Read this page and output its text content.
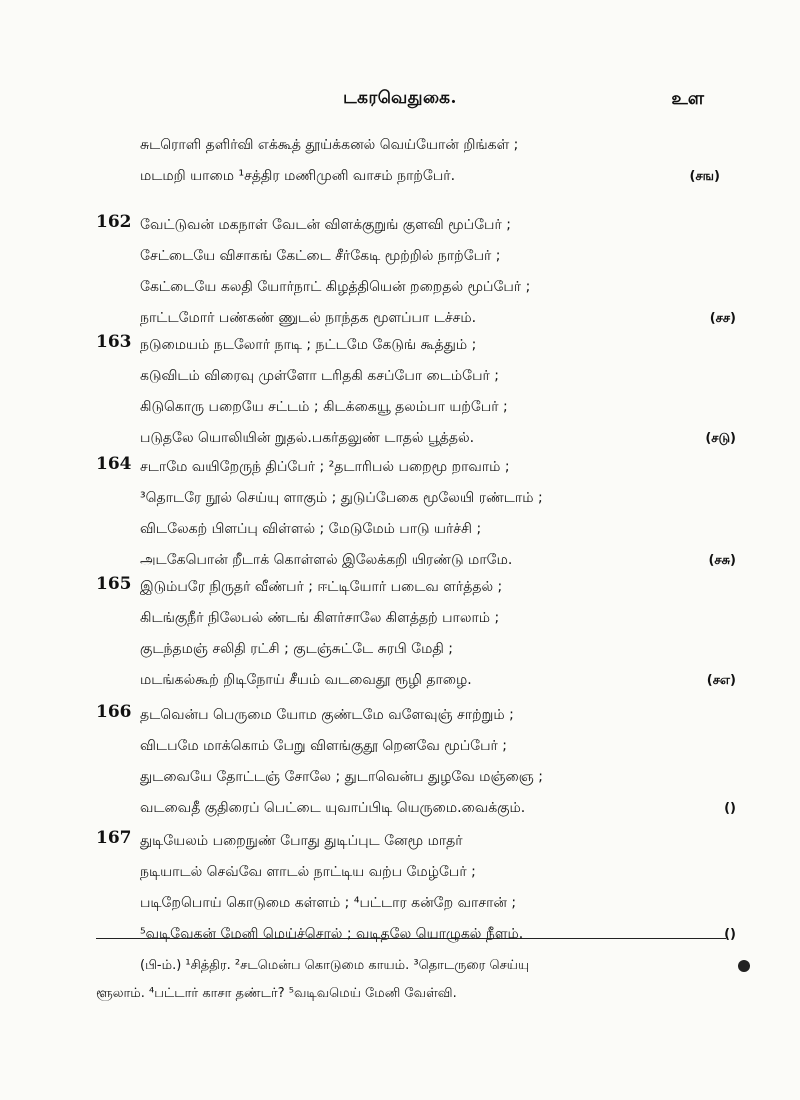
டகரவெதுகை.	உள
சுடரொளி தளிர்வி எக்கூத் தூய்க்கனல் வெய்யோன் றிங்கள் ;
மடமறி யாமை ¹சத்திர மணிமுனி வாசம் நாற்பேர்.	(சங)
162 வேட்டுவன் மகநாள் வேடன் விளக்குறுங் குளவி மூப்பேர் ;
சேட்டையே விசாகங் கேட்டை சீர்கேடி மூற்றில் நாற்பேர் ;
கேட்டையே கலதி யோர்நாட் கிழத்தியென் றறைதல் மூப்பேர் ;
நாட்டமோர் பண்கண் ணுடல் நாந்தக மூளப்பா டச்சம்.	(சச)
163 நடுமையம் நடலோர் நாடி ; நட்டமே கேடுங் கூத்தும் ;
கடுவிடம் விரைவு முள்ளோ டரிதகி கசப்போ டைம்பேர் ;
கிடுகொரு பறையே சட்டம் ; கிடக்கையூ தலம்பா யற்பேர் ;
படுதலே யொலியின் றுதல்.பகர்தலுண் டாதல் பூத்தல்.	(சடு)
164 சடாமே வயிறேருந் திப்பேர் ; ²தடாரிபல் பறைமூ றாவாம் ;
³தொடரே நூல் செய்யு ளாகும் ; துடுப்பேகை மூலேயி ரண்டாம் ;
விடலேகற் பிளப்பு விள்ளல் ; மேடுமேம் பாடு யர்ச்சி ;
அடகேபொன் றீடாக் கொள்ளல் இலேக்கறி யிரண்டு மாமே.	(சசு)
165 இடும்பரே நிருதர் வீண்பர் ; ஈட்டியோர் படைவ ளர்த்தல் ;
கிடங்குநீர் நிலேபல் ண்டங் கிளர்சாலே கிளத்தற் பாலாம் ;
குடந்தமஞ் சலிதி ரட்சி ; குடஞ்சுட்டே சுரபி மேதி ;
மடங்கல்கூற் றிடிநோய் சீயம் வடவைதூ ரூழி தாழை.	(சஎ)
166 தடவென்ப பெருமை யோம குண்டமே வளேவுஞ் சாற்றும் ;
விடபமே மாக்கொம் பேறு விளங்குதூ றெனவே மூப்பேர் ;
துடவையே தோட்டஞ் சோலே ; துடாவென்ப துழவே மஞ்ஞை ;
வடவைதீ குதிரைப் பெட்டை யுவாப்பிடி யெருமை.வைக்கும்.	()
167 துடியேலம் பறைநுண் போது துடிப்புட னேமூ மாதர்
நடியாடல் செவ்வே ளாடல் நாட்டிய வற்ப மேழ்பேர் ;
படிறேபொய் கொடுமை கள்ளம் ; ⁴பட்டார கன்றே வாசான் ;
⁵வடிவேகன் மேனி மெய்ச்சொல் ; வடிதலே யொழுகல் நீளம்.	()
(பி-ம்.) ¹சித்திர. ²சடமென்ப கொடுமை காயம். ³தொடருரை செய்யு
ளூலாம். ⁴பட்டார் காசா தண்டர்? ⁵வடிவமெய் மேனி வேள்வி.
